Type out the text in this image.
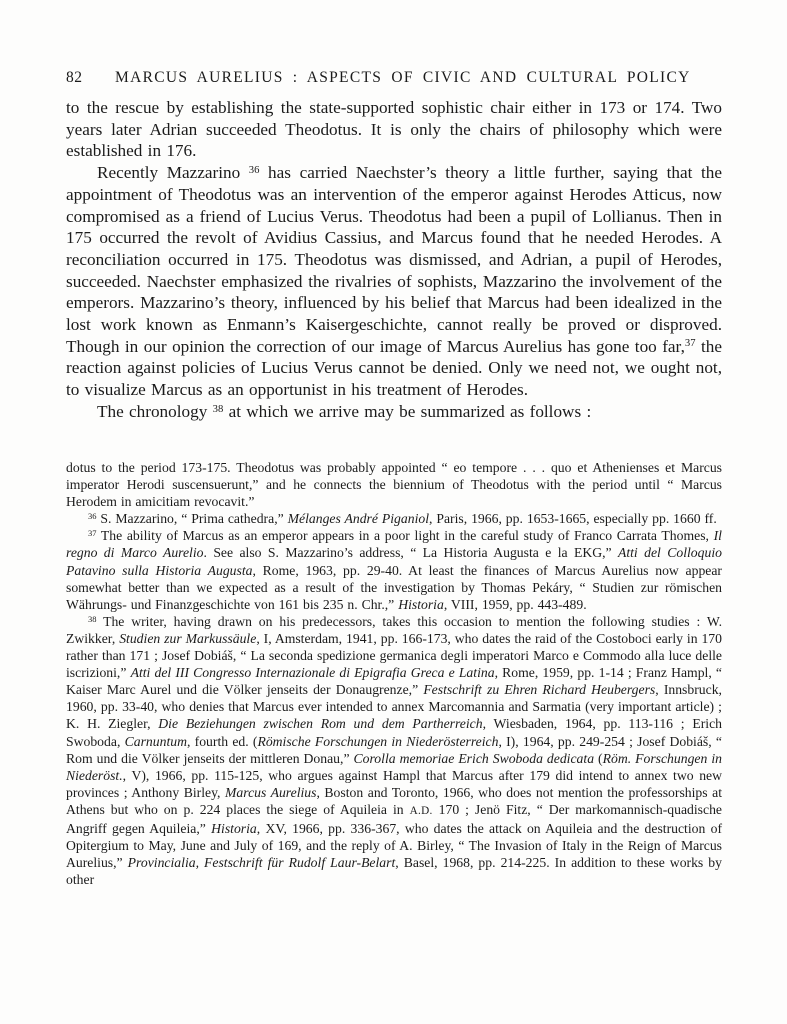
82	MARCUS AURELIUS : ASPECTS OF CIVIC AND CULTURAL POLICY

to the rescue by establishing the state-supported sophistic chair either in 173 or 174. Two years later Adrian succeeded Theodotus. It is only the chairs of philosophy which were established in 176.

Recently Mazzarino $^{36}$ has carried Naechster’s theory a little further, saying that the appointment of Theodotus was an intervention of the emperor against Herodes Atticus, now compromised as a friend of Lucius Verus. Theodotus had been a pupil of Lollianus. Then in 175 occurred the revolt of Avidius Cassius, and Marcus found that he needed Herodes. A reconciliation occurred in 175. Theodotus was dismissed, and Adrian, a pupil of Herodes, succeeded. Naechster emphasized the rivalries of sophists, Mazzarino the involvement of the emperors. Mazzarino’s theory, influenced by his belief that Marcus had been idealized in the lost work known as Enmann’s Kaisergeschichte, cannot really be proved or disproved. Though in our opinion the correction of our image of Marcus Aurelius has gone too far,$^{37}$ the reaction against policies of Lucius Verus cannot be denied. Only we need not, we ought not, to visualize Marcus as an opportunist in his treatment of Herodes.

The chronology $^{38}$ at which we arrive may be summarized as follows :

dotus to the period 173-175. Theodotus was probably appointed “ eo tempore . . . quo et Athenienses et Marcus imperator Herodi suscensuerunt,” and he connects the biennium of Theodotus with the period until “ Marcus Herodem in amicitiam revocavit.”

$^{36}$ S. Mazzarino, “ Prima cathedra,” Mélanges André Piganiol, Paris, 1966, pp. 1653-1665, especially pp. 1660 ff.

$^{37}$ The ability of Marcus as an emperor appears in a poor light in the careful study of Franco Carrata Thomes, Il regno di Marco Aurelio. See also S. Mazzarino’s address, “ La Historia Augusta e la EKG,” Atti del Colloquio Patavino sulla Historia Augusta, Rome, 1963, pp. 29-40. At least the finances of Marcus Aurelius now appear somewhat better than we expected as a result of the investigation by Thomas Pekáry, “ Studien zur römischen Währungs- und Finanzgeschichte von 161 bis 235 n. Chr.,” Historia, VIII, 1959, pp. 443-489.

$^{38}$ The writer, having drawn on his predecessors, takes this occasion to mention the following studies : W. Zwikker, Studien zur Markussäule, I, Amsterdam, 1941, pp. 166-173, who dates the raid of the Costoboci early in 170 rather than 171 ; Josef Dobiáš, “ La seconda spedizione germanica degli imperatori Marco e Commodo alla luce delle iscrizioni,” Atti del III Congresso Internazionale di Epigrafia Greca e Latina, Rome, 1959, pp. 1-14 ; Franz Hampl, “ Kaiser Marc Aurel und die Völker jenseits der Donaugrenze,” Festschrift zu Ehren Richard Heubergers, Innsbruck, 1960, pp. 33-40, who denies that Marcus ever intended to annex Marcomannia and Sarmatia (very important article) ; K. H. Ziegler, Die Beziehungen zwischen Rom und dem Partherreich, Wiesbaden, 1964, pp. 113-116 ; Erich Swoboda, Carnuntum, fourth ed. (Römische Forschungen in Niederösterreich, I), 1964, pp. 249-254 ; Josef Dobiáš, “ Rom und die Völker jenseits der mittleren Donau,” Corolla memoriae Erich Swoboda dedicata (Röm. Forschungen in Niederöst., V), 1966, pp. 115-125, who argues against Hampl that Marcus after 179 did intend to annex two new provinces ; Anthony Birley, Marcus Aurelius, Boston and Toronto, 1966, who does not mention the professorships at Athens but who on p. 224 places the siege of Aquileia in A.D. 170 ; Jenö Fitz, “ Der markomannisch-quadische Angriff gegen Aquileia,” Historia, XV, 1966, pp. 336-367, who dates the attack on Aquileia and the destruction of Opitergium to May, June and July of 169, and the reply of A. Birley, “ The Invasion of Italy in the Reign of Marcus Aurelius,” Provincialia, Festschrift für Rudolf Laur-Belart, Basel, 1968, pp. 214-225. In addition to these works by other
